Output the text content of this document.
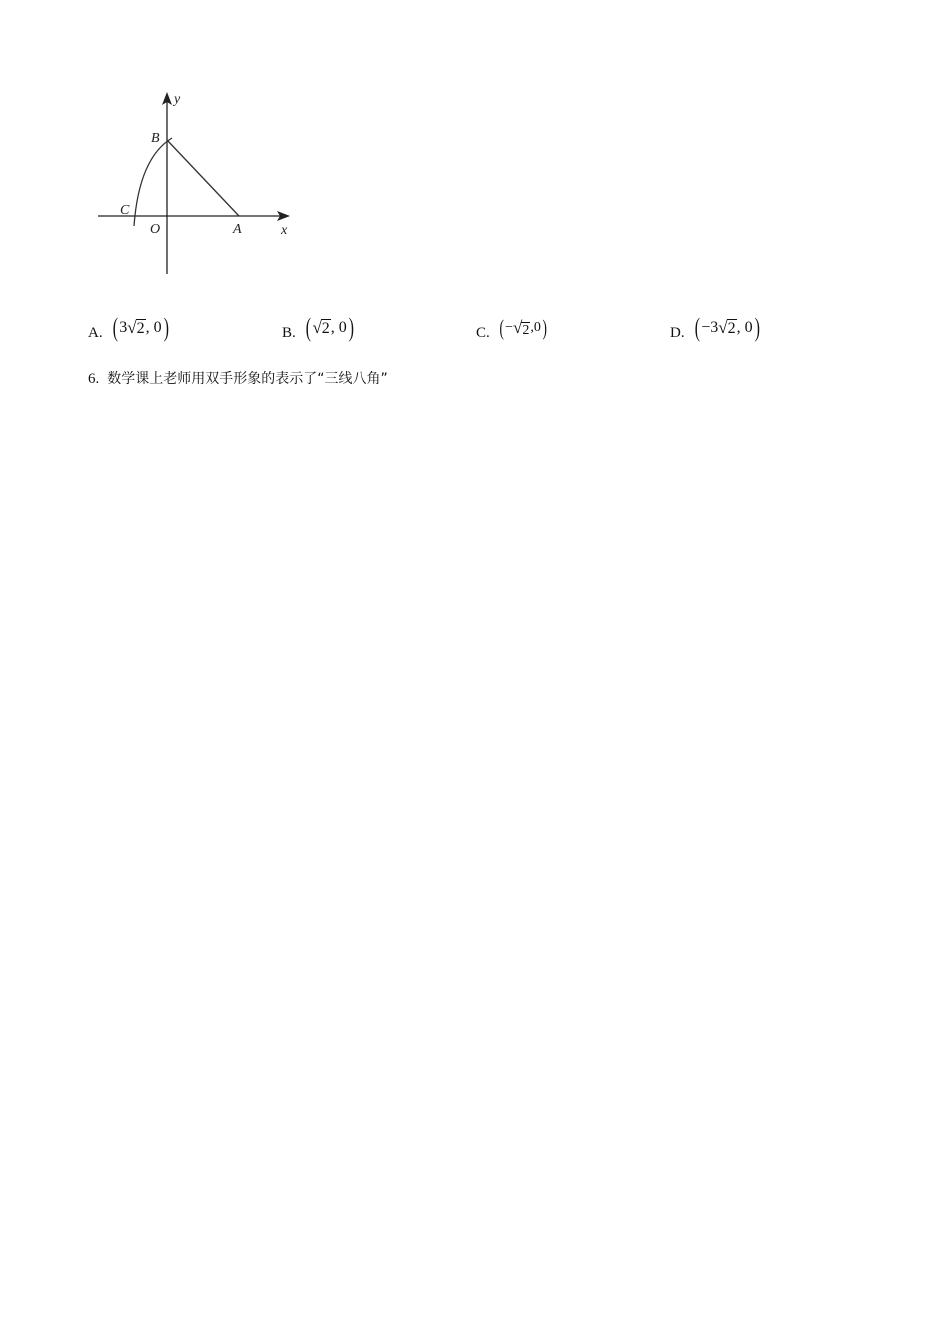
y
x
B
C
O	A
A. ( 3 √ 2 , 0 )	B. ( √ 2 , 0 )	C. ( − √ 2 , 0 )	D. ( − 3 √ 2 , 0 )
6. 数学课上老师用双手形象的表示了“三线八角”
